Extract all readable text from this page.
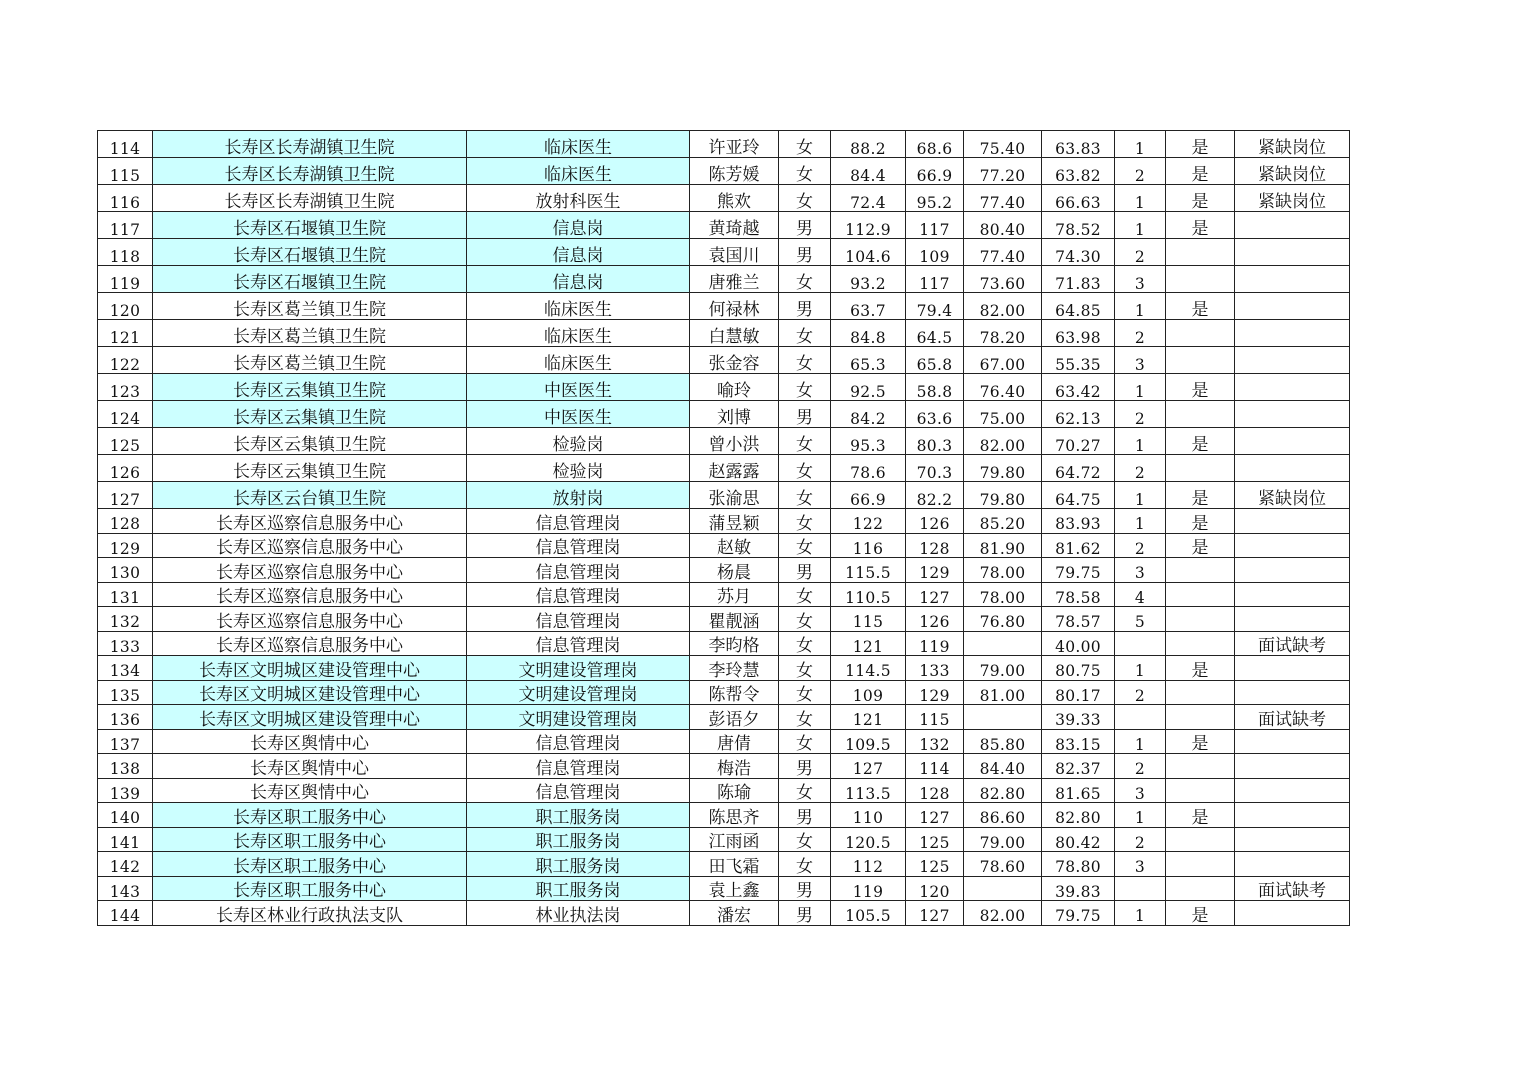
114	长寿区长寿湖镇卫生院	临床医生	许亚玲	女	88.2	68.6	75.40	63.83	1	是	紧缺岗位
115	长寿区长寿湖镇卫生院	临床医生	陈芳媛	女	84.4	66.9	77.20	63.82	2	是	紧缺岗位
116	长寿区长寿湖镇卫生院	放射科医生	熊欢	女	72.4	95.2	77.40	66.63	1	是	紧缺岗位
117	长寿区石堰镇卫生院	信息岗	黄琦越	男	112.9	117	80.40	78.52	1	是	
118	长寿区石堰镇卫生院	信息岗	袁国川	男	104.6	109	77.40	74.30	2		
119	长寿区石堰镇卫生院	信息岗	唐雅兰	女	93.2	117	73.60	71.83	3		
120	长寿区葛兰镇卫生院	临床医生	何禄林	男	63.7	79.4	82.00	64.85	1	是	
121	长寿区葛兰镇卫生院	临床医生	白慧敏	女	84.8	64.5	78.20	63.98	2		
122	长寿区葛兰镇卫生院	临床医生	张金容	女	65.3	65.8	67.00	55.35	3		
123	长寿区云集镇卫生院	中医医生	喻玲	女	92.5	58.8	76.40	63.42	1	是	
124	长寿区云集镇卫生院	中医医生	刘博	男	84.2	63.6	75.00	62.13	2		
125	长寿区云集镇卫生院	检验岗	曾小洪	女	95.3	80.3	82.00	70.27	1	是	
126	长寿区云集镇卫生院	检验岗	赵露露	女	78.6	70.3	79.80	64.72	2		
127	长寿区云台镇卫生院	放射岗	张渝思	女	66.9	82.2	79.80	64.75	1	是	紧缺岗位
128	长寿区巡察信息服务中心	信息管理岗	蒲昱颖	女	122	126	85.20	83.93	1	是	
129	长寿区巡察信息服务中心	信息管理岗	赵敏	女	116	128	81.90	81.62	2	是	
130	长寿区巡察信息服务中心	信息管理岗	杨晨	男	115.5	129	78.00	79.75	3		
131	长寿区巡察信息服务中心	信息管理岗	苏月	女	110.5	127	78.00	78.58	4		
132	长寿区巡察信息服务中心	信息管理岗	瞿靓涵	女	115	126	76.80	78.57	5		
133	长寿区巡察信息服务中心	信息管理岗	李昀格	女	121	119		40.00			面试缺考
134	长寿区文明城区建设管理中心	文明建设管理岗	李玲慧	女	114.5	133	79.00	80.75	1	是	
135	长寿区文明城区建设管理中心	文明建设管理岗	陈帮令	女	109	129	81.00	80.17	2		
136	长寿区文明城区建设管理中心	文明建设管理岗	彭语夕	女	121	115		39.33			面试缺考
137	长寿区舆情中心	信息管理岗	唐倩	女	109.5	132	85.80	83.15	1	是	
138	长寿区舆情中心	信息管理岗	梅浩	男	127	114	84.40	82.37	2		
139	长寿区舆情中心	信息管理岗	陈瑜	女	113.5	128	82.80	81.65	3		
140	长寿区职工服务中心	职工服务岗	陈思齐	男	110	127	86.60	82.80	1	是	
141	长寿区职工服务中心	职工服务岗	江雨函	女	120.5	125	79.00	80.42	2		
142	长寿区职工服务中心	职工服务岗	田飞霜	女	112	125	78.60	78.80	3		
143	长寿区职工服务中心	职工服务岗	袁上鑫	男	119	120		39.83			面试缺考
144	长寿区林业行政执法支队	林业执法岗	潘宏	男	105.5	127	82.00	79.75	1	是	
